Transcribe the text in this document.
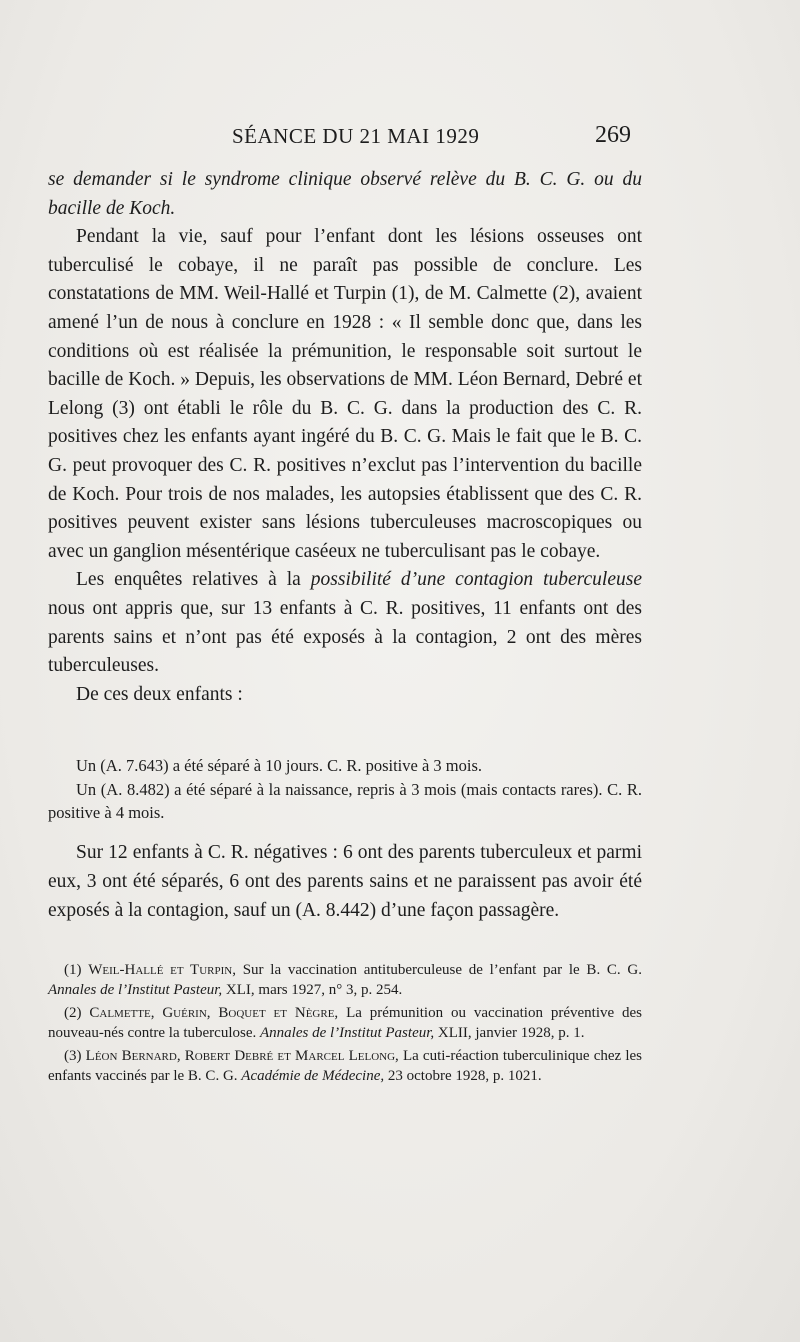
SÉANCE DU 21 MAI 1929	269

se demander si le syndrome clinique observé relève du B. C. G. ou du bacille de Koch.

Pendant la vie, sauf pour l’enfant dont les lésions osseuses ont tuberculisé le cobaye, il ne paraît pas possible de conclure. Les constatations de MM. Weil-Hallé et Turpin (1), de M. Calmette (2), avaient amené l’un de nous à conclure en 1928 : « Il semble donc que, dans les conditions où est réalisée la prémunition, le responsable soit surtout le bacille de Koch. » Depuis, les observations de MM. Léon Bernard, Debré et Lelong (3) ont établi le rôle du B. C. G. dans la production des C. R. positives chez les enfants ayant ingéré du B. C. G. Mais le fait que le B. C. G. peut provoquer des C. R. positives n’exclut pas l’intervention du bacille de Koch. Pour trois de nos malades, les autopsies établissent que des C. R. positives peuvent exister sans lésions tuberculeuses macroscopiques ou avec un ganglion mésentérique caséeux ne tuberculisant pas le cobaye.

Les enquêtes relatives à la possibilité d’une contagion tuberculeuse nous ont appris que, sur 13 enfants à C. R. positives, 11 enfants ont des parents sains et n’ont pas été exposés à la contagion, 2 ont des mères tuberculeuses.

De ces deux enfants :

Un (A. 7.643) a été séparé à 10 jours. C. R. positive à 3 mois.

Un (A. 8.482) a été séparé à la naissance, repris à 3 mois (mais contacts rares). C. R. positive à 4 mois.

Sur 12 enfants à C. R. négatives : 6 ont des parents tuberculeux et parmi eux, 3 ont été séparés, 6 ont des parents sains et ne paraissent pas avoir été exposés à la contagion, sauf un (A. 8.442) d’une façon passagère.

(1) Weil-Hallé et Turpin, Sur la vaccination antituberculeuse de l’enfant par le B. C. G. Annales de l’Institut Pasteur, XLI, mars 1927, n° 3, p. 254.

(2) Calmette, Guérin, Boquet et Nègre, La prémunition ou vaccination préventive des nouveau-nés contre la tuberculose. Annales de l’Institut Pasteur, XLII, janvier 1928, p. 1.

(3) Léon Bernard, Robert Debré et Marcel Lelong, La cuti-réaction tuberculinique chez les enfants vaccinés par le B. C. G. Académie de Médecine, 23 octobre 1928, p. 1021.
